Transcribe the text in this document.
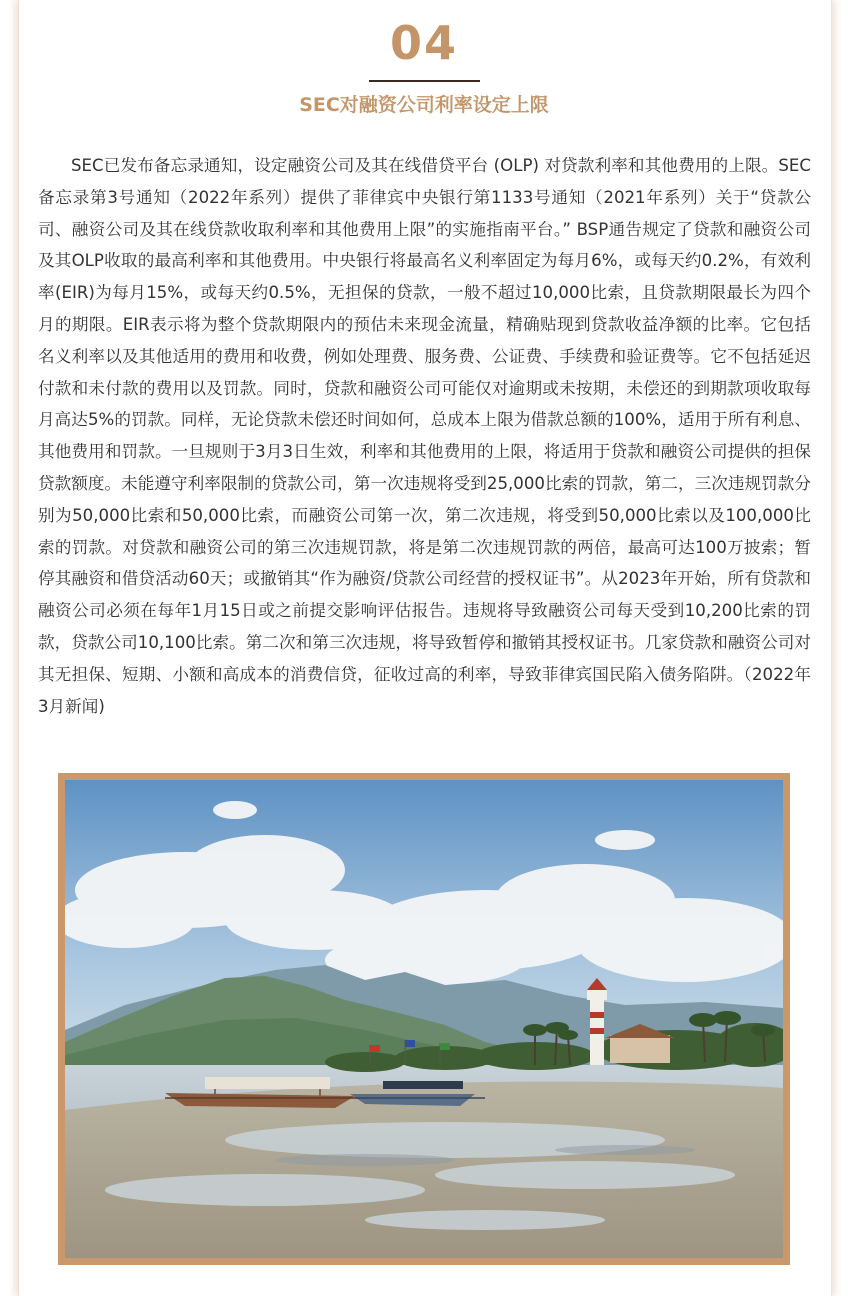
04
SEC对融资公司利率设定上限
SEC已发布备忘录通知，设定融资公司及其在线借贷平台 (OLP) 对贷款利率和其他费用的上限。SEC备忘录第3号通知（2022年系列）提供了菲律宾中央银行第1133号通知（2021年系列）关于“贷款公司、融资公司及其在线贷款收取利率和其他费用上限”的实施指南平台。” BSP通告规定了贷款和融资公司及其OLP收取的最高利率和其他费用。中央银行将最高名义利率固定为每月6%，或每天约0.2%，有效利率(EIR)为每月15%，或每天约0.5%，无担保的贷款，一般不超过10,000比索，且贷款期限最长为四个月的期限。EIR表示将为整个贷款期限内的预估未来现金流量，精确贴现到贷款收益净额的比率。它包括名义利率以及其他适用的费用和收费，例如处理费、服务费、公证费、手续费和验证费等。它不包括延迟付款和未付款的费用以及罚款。同时，贷款和融资公司可能仅对逾期或未按期，未偿还的到期款项收取每月高达5%的罚款。同样，无论贷款未偿还时间如何，总成本上限为借款总额的100%，适用于所有利息、其他费用和罚款。一旦规则于3月3日生效，利率和其他费用的上限，将适用于贷款和融资公司提供的担保贷款额度。未能遵守利率限制的贷款公司，第一次违规将受到25,000比索的罚款，第二，三次违规罚款分别为50,000比索和50,000比索，而融资公司第一次，第二次违规，将受到50,000比索以及100,000比索的罚款。对贷款和融资公司的第三次违规罚款，将是第二次违规罚款的两倍，最高可达100万披索；暂停其融资和借贷活动60天；或撤销其“作为融资/贷款公司经营的授权证书”。从2023年开始，所有贷款和融资公司必须在每年1月15日或之前提交影响评估报告。违规将导致融资公司每天受到10,200比索的罚款，贷款公司10,100比索。第二次和第三次违规，将导致暂停和撤销其授权证书。几家贷款和融资公司对其无担保、短期、小额和高成本的消费信贷，征收过高的利率，导致菲律宾国民陷入债务陷阱。（2022年3月新闻)
